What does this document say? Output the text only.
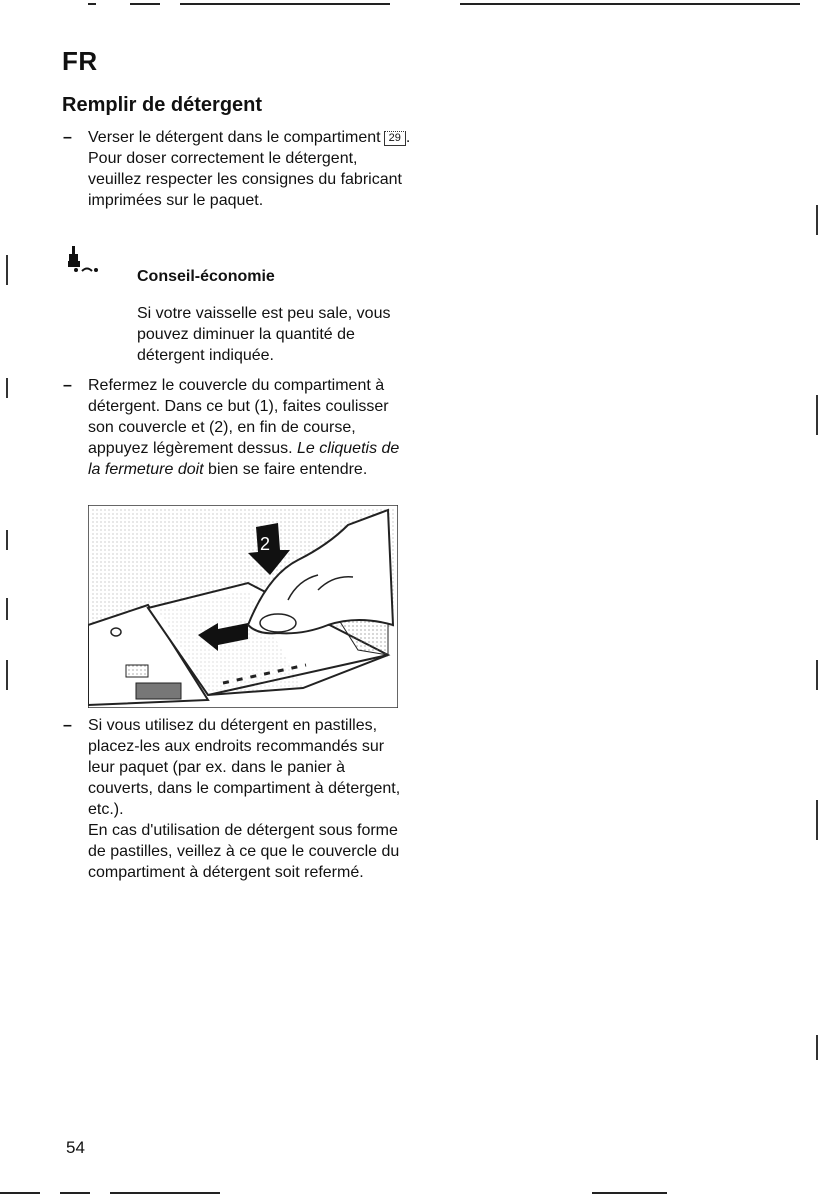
FR
Remplir de détergent
– Verser le détergent dans le compartiment 29 .

Pour doser correctement le détergent, veuillez respecter les consignes du fabricant imprimées sur le paquet.

Conseil-économie

Si votre vaisselle est peu sale, vous pouvez diminuer la quantité de détergent indiquée.

– Refermez le couvercle du compartiment à détergent. Dans ce but (1), faites coulisser son couvercle et (2), en fin de course, appuyez légèrement dessus. Le cliquetis de la fermeture doit bien se faire entendre.

2
– Si vous utilisez du détergent en pastilles, placez-les aux endroits recommandés sur leur paquet (par ex. dans le panier à couverts, dans le compartiment à détergent, etc.).

En cas d'utilisation de détergent sous forme de pastilles, veillez à ce que le couvercle du compartiment à détergent soit refermé.

54
